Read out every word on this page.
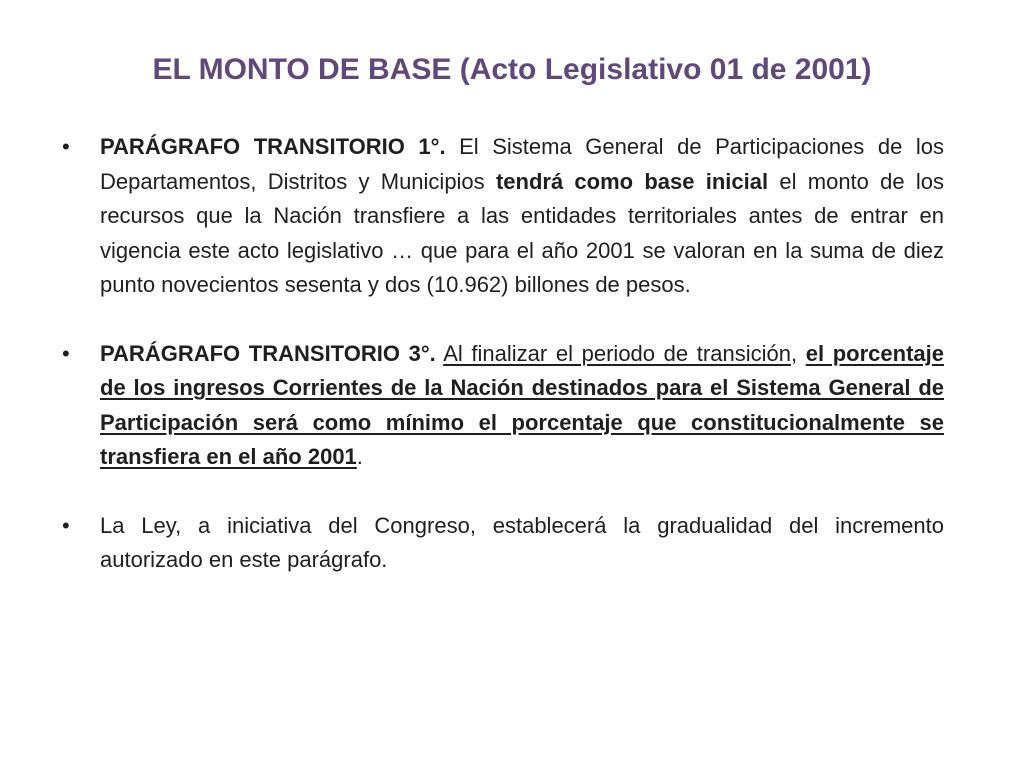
EL MONTO DE BASE (Acto Legislativo 01 de 2001)
• PARÁGRAFO TRANSITORIO 1°. El Sistema General de Participaciones de los Departamentos, Distritos y Municipios tendrá como base inicial el monto de los recursos que la Nación transfiere a las entidades territoriales antes de entrar en vigencia este acto legislativo … que para el año 2001 se valoran en la suma de diez punto novecientos sesenta y dos (10.962) billones de pesos.
• PARÁGRAFO TRANSITORIO 3°. Al finalizar el periodo de transición, el porcentaje de los ingresos Corrientes de la Nación destinados para el Sistema General de Participación será como mínimo el porcentaje que constitucionalmente se transfiera en el año 2001.
• La Ley, a iniciativa del Congreso, establecerá la gradualidad del incremento autorizado en este parágrafo.
